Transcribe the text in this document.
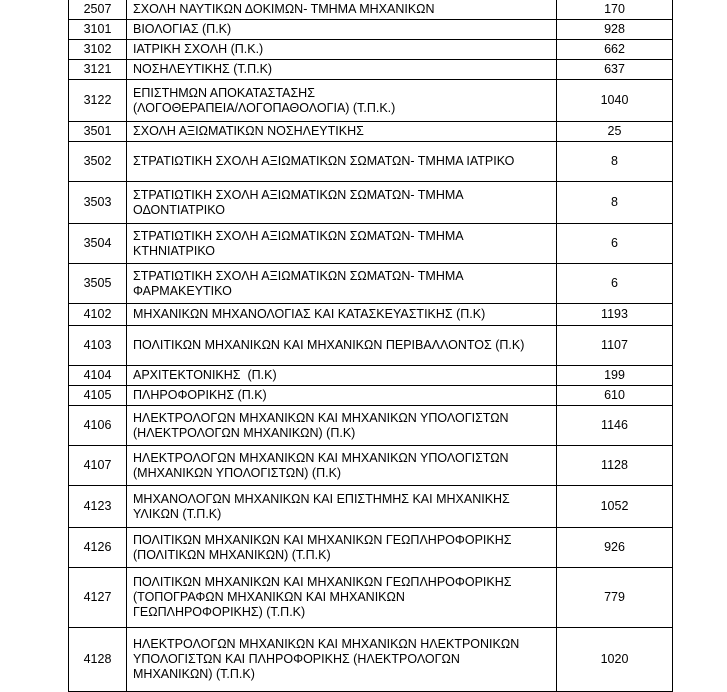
2507	ΣΧΟΛΗ ΝΑΥΤΙΚΩΝ ΔΟΚΙΜΩΝ- ΤΜΗΜΑ ΜΗΧΑΝΙΚΩΝ	170
3101	ΒΙΟΛΟΓΙΑΣ (Π.Κ)	928
3102	ΙΑΤΡΙΚΗ ΣΧΟΛΗ (Π.Κ.)	662
3121	ΝΟΣΗΛΕΥΤΙΚΗΣ (Τ.Π.Κ)	637
3122	ΕΠΙΣΤΗΜΩΝ ΑΠΟΚΑΤΑΣΤΑΣΗΣ
(ΛΟΓΟΘΕΡΑΠΕΙΑ/ΛΟΓΟΠΑΘΟΛΟΓΙΑ) (Τ.Π.Κ.)	1040
3501	ΣΧΟΛΗ ΑΞΙΩΜΑΤΙΚΩΝ ΝΟΣΗΛΕΥΤΙΚΗΣ	25
3502	ΣΤΡΑΤΙΩΤΙΚΗ ΣΧΟΛΗ ΑΞΙΩΜΑΤΙΚΩΝ ΣΩΜΑΤΩΝ- ΤΜΗΜΑ ΙΑΤΡΙΚΟ	8
3503	ΣΤΡΑΤΙΩΤΙΚΗ ΣΧΟΛΗ ΑΞΙΩΜΑΤΙΚΩΝ ΣΩΜΑΤΩΝ- ΤΜΗΜΑ
ΟΔΟΝΤΙΑΤΡΙΚΟ	8
3504	ΣΤΡΑΤΙΩΤΙΚΗ ΣΧΟΛΗ ΑΞΙΩΜΑΤΙΚΩΝ ΣΩΜΑΤΩΝ- ΤΜΗΜΑ
ΚΤΗΝΙΑΤΡΙΚΟ	6
3505	ΣΤΡΑΤΙΩΤΙΚΗ ΣΧΟΛΗ ΑΞΙΩΜΑΤΙΚΩΝ ΣΩΜΑΤΩΝ- ΤΜΗΜΑ
ΦΑΡΜΑΚΕΥΤΙΚΟ	6
4102	ΜΗΧΑΝΙΚΩΝ ΜΗΧΑΝΟΛΟΓΙΑΣ ΚΑΙ ΚΑΤΑΣΚΕΥΑΣΤΙΚΗΣ (Π.Κ)	1193
4103	ΠΟΛΙΤΙΚΩΝ ΜΗΧΑΝΙΚΩΝ ΚΑΙ ΜΗΧΑΝΙΚΩΝ ΠΕΡΙΒΑΛΛΟΝΤΟΣ (Π.Κ)	1107
4104	ΑΡΧΙΤΕΚΤΟΝΙΚΗΣ  (Π.Κ)	199
4105	ΠΛΗΡΟΦΟΡΙΚΗΣ (Π.Κ)	610
4106	ΗΛΕΚΤΡΟΛΟΓΩΝ ΜΗΧΑΝΙΚΩΝ ΚΑΙ ΜΗΧΑΝΙΚΩΝ ΥΠΟΛΟΓΙΣΤΩΝ
(ΗΛΕΚΤΡΟΛΟΓΩΝ ΜΗΧΑΝΙΚΩΝ) (Π.Κ)	1146
4107	ΗΛΕΚΤΡΟΛΟΓΩΝ ΜΗΧΑΝΙΚΩΝ ΚΑΙ ΜΗΧΑΝΙΚΩΝ ΥΠΟΛΟΓΙΣΤΩΝ
(ΜΗΧΑΝΙΚΩΝ ΥΠΟΛΟΓΙΣΤΩΝ) (Π.Κ)	1128
4123	ΜΗΧΑΝΟΛΟΓΩΝ ΜΗΧΑΝΙΚΩΝ ΚΑΙ ΕΠΙΣΤΗΜΗΣ ΚΑΙ ΜΗΧΑΝΙΚΗΣ
ΥΛΙΚΩΝ (Τ.Π.Κ)	1052
4126	ΠΟΛΙΤΙΚΩΝ ΜΗΧΑΝΙΚΩΝ ΚΑΙ ΜΗΧΑΝΙΚΩΝ ΓΕΩΠΛΗΡΟΦΟΡΙΚΗΣ
(ΠΟΛΙΤΙΚΩΝ ΜΗΧΑΝΙΚΩΝ) (Τ.Π.Κ)	926
4127	ΠΟΛΙΤΙΚΩΝ ΜΗΧΑΝΙΚΩΝ ΚΑΙ ΜΗΧΑΝΙΚΩΝ ΓΕΩΠΛΗΡΟΦΟΡΙΚΗΣ
(ΤΟΠΟΓΡΑΦΩΝ ΜΗΧΑΝΙΚΩΝ ΚΑΙ ΜΗΧΑΝΙΚΩΝ
ΓΕΩΠΛΗΡΟΦΟΡΙΚΗΣ) (Τ.Π.Κ)	779
4128	ΗΛΕΚΤΡΟΛΟΓΩΝ ΜΗΧΑΝΙΚΩΝ ΚΑΙ ΜΗΧΑΝΙΚΩΝ ΗΛΕΚΤΡΟΝΙΚΩΝ
ΥΠΟΛΟΓΙΣΤΩΝ ΚΑΙ ΠΛΗΡΟΦΟΡΙΚΗΣ (ΗΛΕΚΤΡΟΛΟΓΩΝ
ΜΗΧΑΝΙΚΩΝ) (Τ.Π.Κ)	1020
